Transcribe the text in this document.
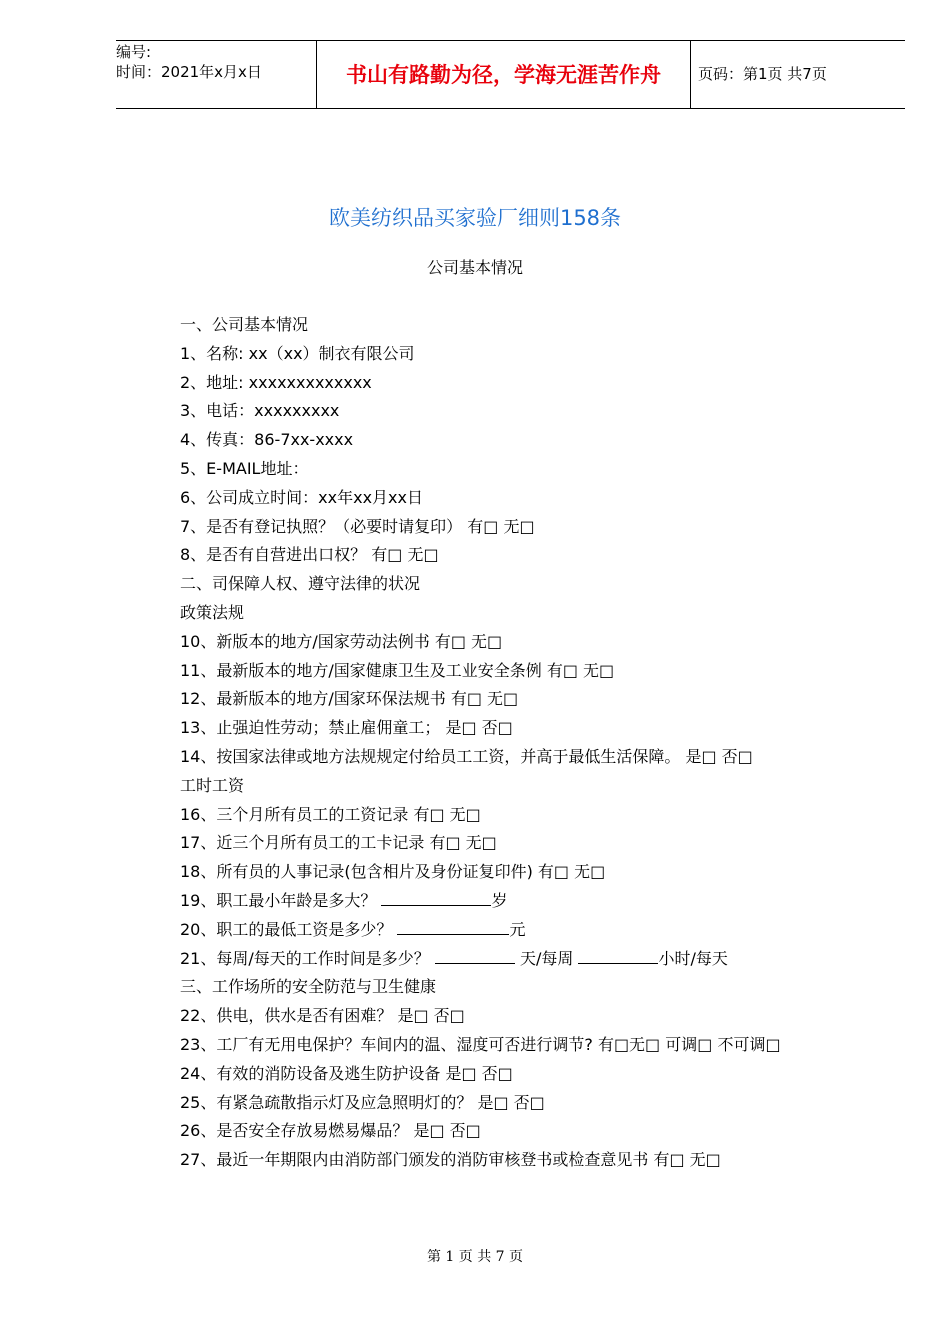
编号:
时间：2021年x月x日	书山有路勤为径，学海无涯苦作舟	页码：第1页 共7页
欧美纺织品买家验厂细则158条
公司基本情况
一、公司基本情况
1、名称: xx（xx）制衣有限公司
2、地址: xxxxxxxxxxxxx
3、电话：xxxxxxxxx
4、传真：86-7xx-xxxx
5、E-MAIL地址：
6、公司成立时间：xx年xx月xx日
7、是否有登记执照？（必要时请复印） 有□ 无□
8、是否有自营进出口权？ 有□ 无□
二、司保障人权、遵守法律的状况
政策法规
10、新版本的地方/国家劳动法例书 有□ 无□
11、最新版本的地方/国家健康卫生及工业安全条例 有□ 无□
12、最新版本的地方/国家环保法规书 有□ 无□
13、止强迫性劳动；禁止雇佣童工； 是□ 否□
14、按国家法律或地方法规规定付给员工工资，并高于最低生活保障。 是□ 否□
工时工资
16、三个月所有员工的工资记录 有□ 无□
17、近三个月所有员工的工卡记录 有□ 无□
18、所有员的人事记录(包含相片及身份证复印件) 有□ 无□
19、职工最小年龄是多大？	岁
20、职工的最低工资是多少？	元
21、每周/每天的工作时间是多少？	天/每周	小时/每天
三、工作场所的安全防范与卫生健康
22、供电，供水是否有困难？ 是□ 否□
23、工厂有无用电保护？车间内的温、湿度可否进行调节? 有□无□ 可调□ 不可调□
24、有效的消防设备及逃生防护设备 是□ 否□
25、有紧急疏散指示灯及应急照明灯的？ 是□ 否□
26、是否安全存放易燃易爆品？ 是□ 否□
27、最近一年期限内由消防部门颁发的消防审核登书或检查意见书 有□ 无□
第 1 页 共 7 页
